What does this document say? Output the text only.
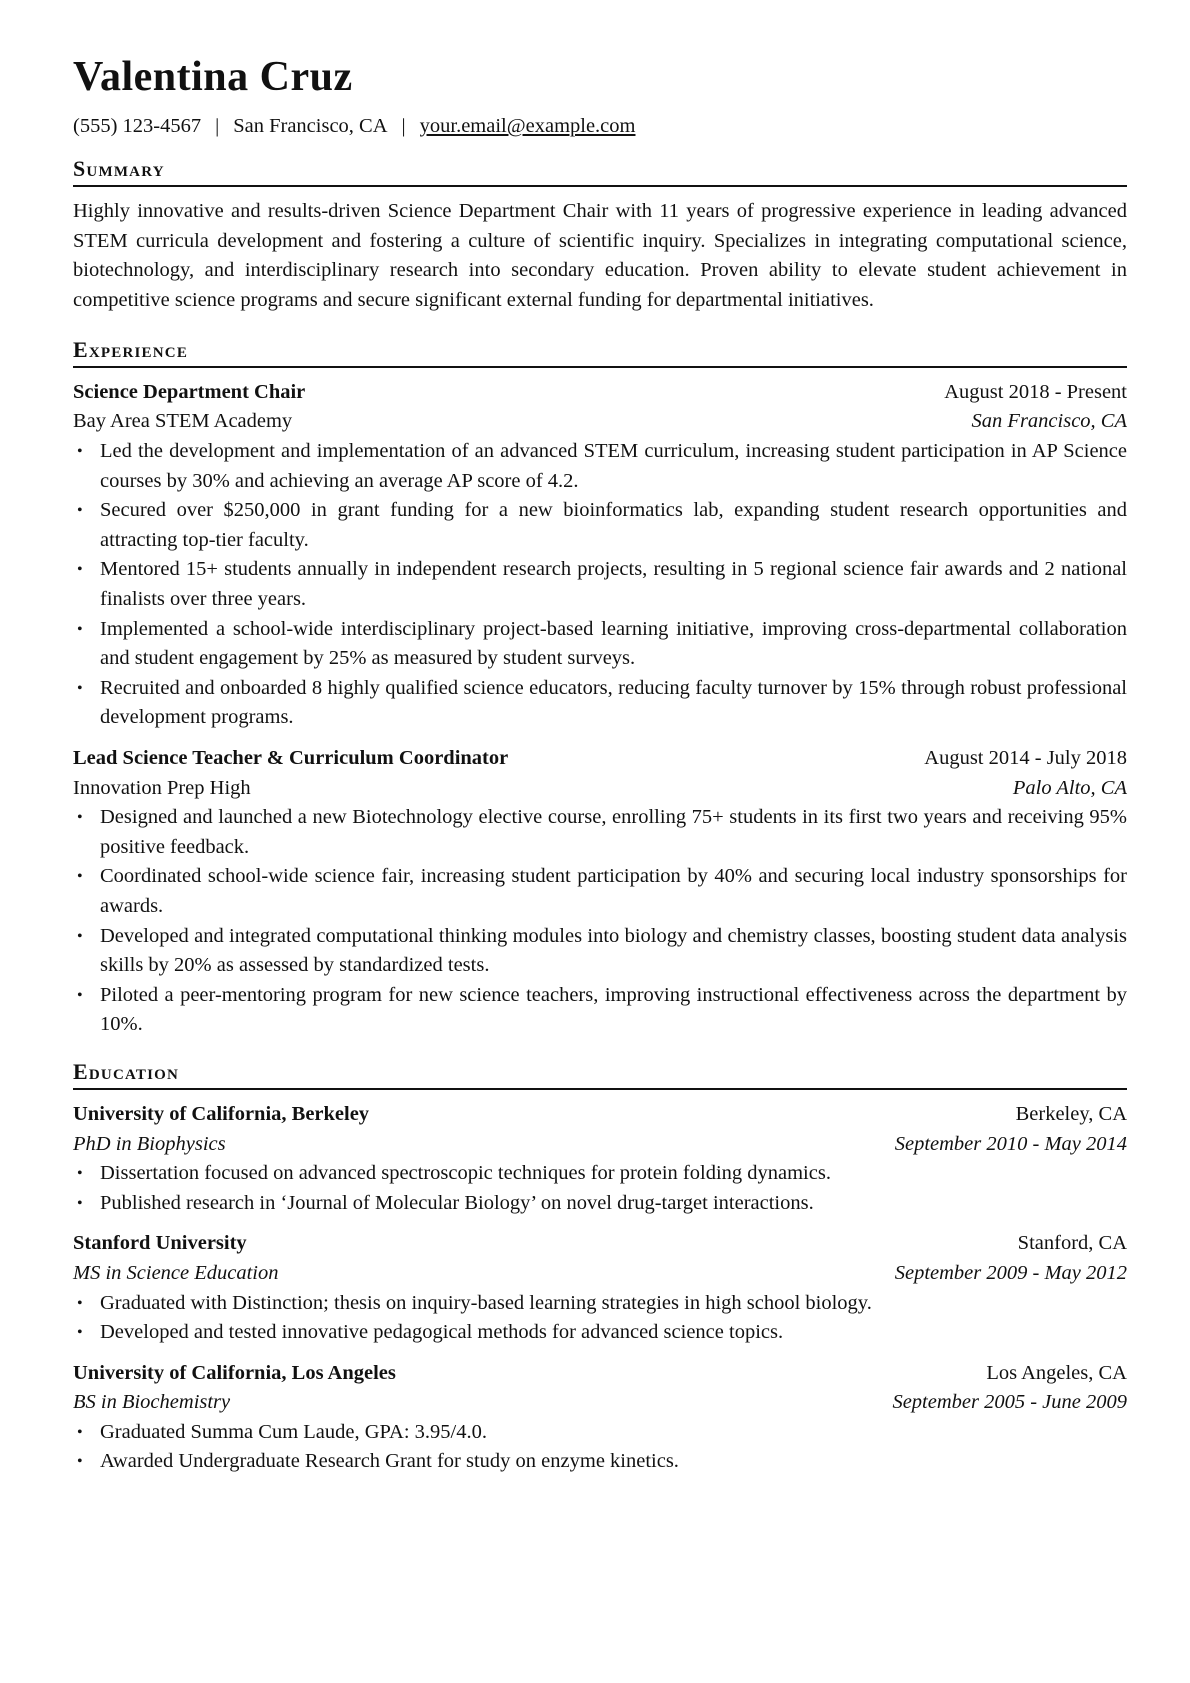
Valentina Cruz
(555) 123-4567 | San Francisco, CA | your.email@example.com
Summary

Highly innovative and results-driven Science Department Chair with 11 years of progressive experience in leading advanced STEM curricula development and fostering a culture of scientific inquiry. Specializes in integrating computational science, biotechnology, and interdisciplinary research into secondary education. Proven ability to elevate student achievement in competitive science programs and secure significant external funding for departmental initiatives.

Experience
Science Department Chair	August 2018 - Present
Bay Area STEM Academy	San Francisco, CA
• Led the development and implementation of an advanced STEM curriculum, increasing student participation in AP Science courses by 30% and achieving an average AP score of 4.2.
• Secured over $250,000 in grant funding for a new bioinformatics lab, expanding student research opportunities and attracting top-tier faculty.
• Mentored 15+ students annually in independent research projects, resulting in 5 regional science fair awards and 2 national finalists over three years.
• Implemented a school-wide interdisciplinary project-based learning initiative, improving cross-departmental collaboration and student engagement by 25% as measured by student surveys.
• Recruited and onboarded 8 highly qualified science educators, reducing faculty turnover by 15% through robust professional development programs.
Lead Science Teacher & Curriculum Coordinator	August 2014 - July 2018
Innovation Prep High	Palo Alto, CA
• Designed and launched a new Biotechnology elective course, enrolling 75+ students in its first two years and receiving 95% positive feedback.
• Coordinated school-wide science fair, increasing student participation by 40% and securing local industry sponsorships for awards.
• Developed and integrated computational thinking modules into biology and chemistry classes, boosting student data analysis skills by 20% as assessed by standardized tests.
• Piloted a peer-mentoring program for new science teachers, improving instructional effectiveness across the department by 10%.
Education
University of California, Berkeley	Berkeley, CA
PhD in Biophysics	September 2010 - May 2014
• Dissertation focused on advanced spectroscopic techniques for protein folding dynamics.
• Published research in ‘Journal of Molecular Biology’ on novel drug-target interactions.
Stanford University	Stanford, CA
MS in Science Education	September 2009 - May 2012
• Graduated with Distinction; thesis on inquiry-based learning strategies in high school biology.
• Developed and tested innovative pedagogical methods for advanced science topics.
University of California, Los Angeles	Los Angeles, CA
BS in Biochemistry	September 2005 - June 2009
• Graduated Summa Cum Laude, GPA: 3.95/4.0.
• Awarded Undergraduate Research Grant for study on enzyme kinetics.
